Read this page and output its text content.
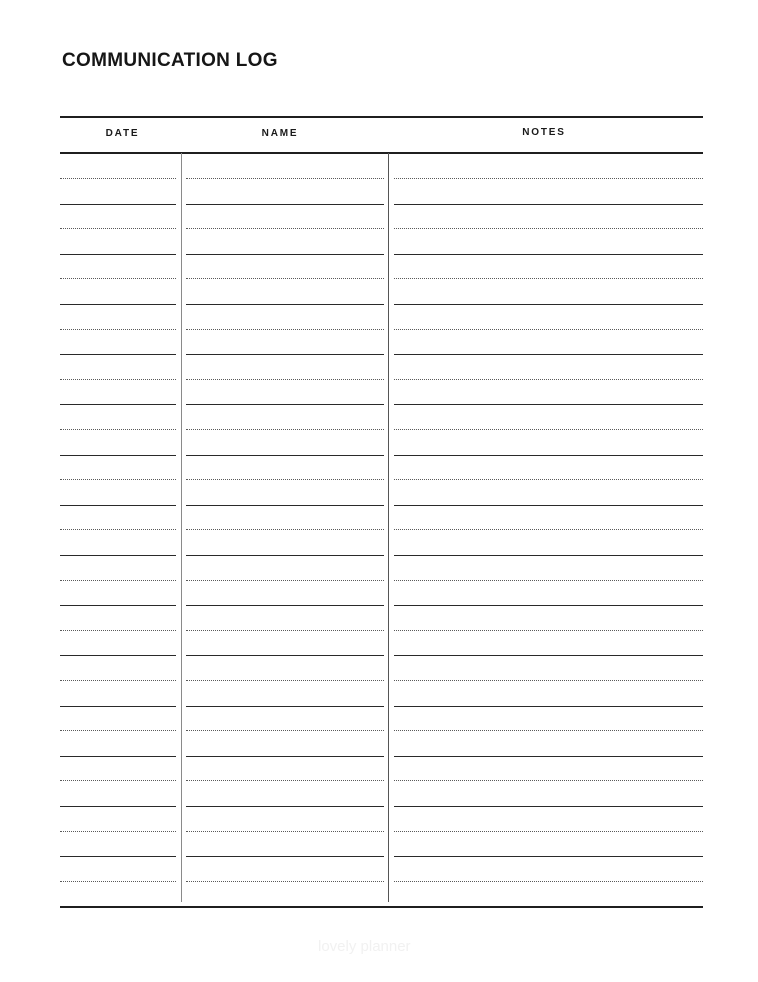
COMMUNICATION LOG
DATE	NAME	NOTES
lovely planner
